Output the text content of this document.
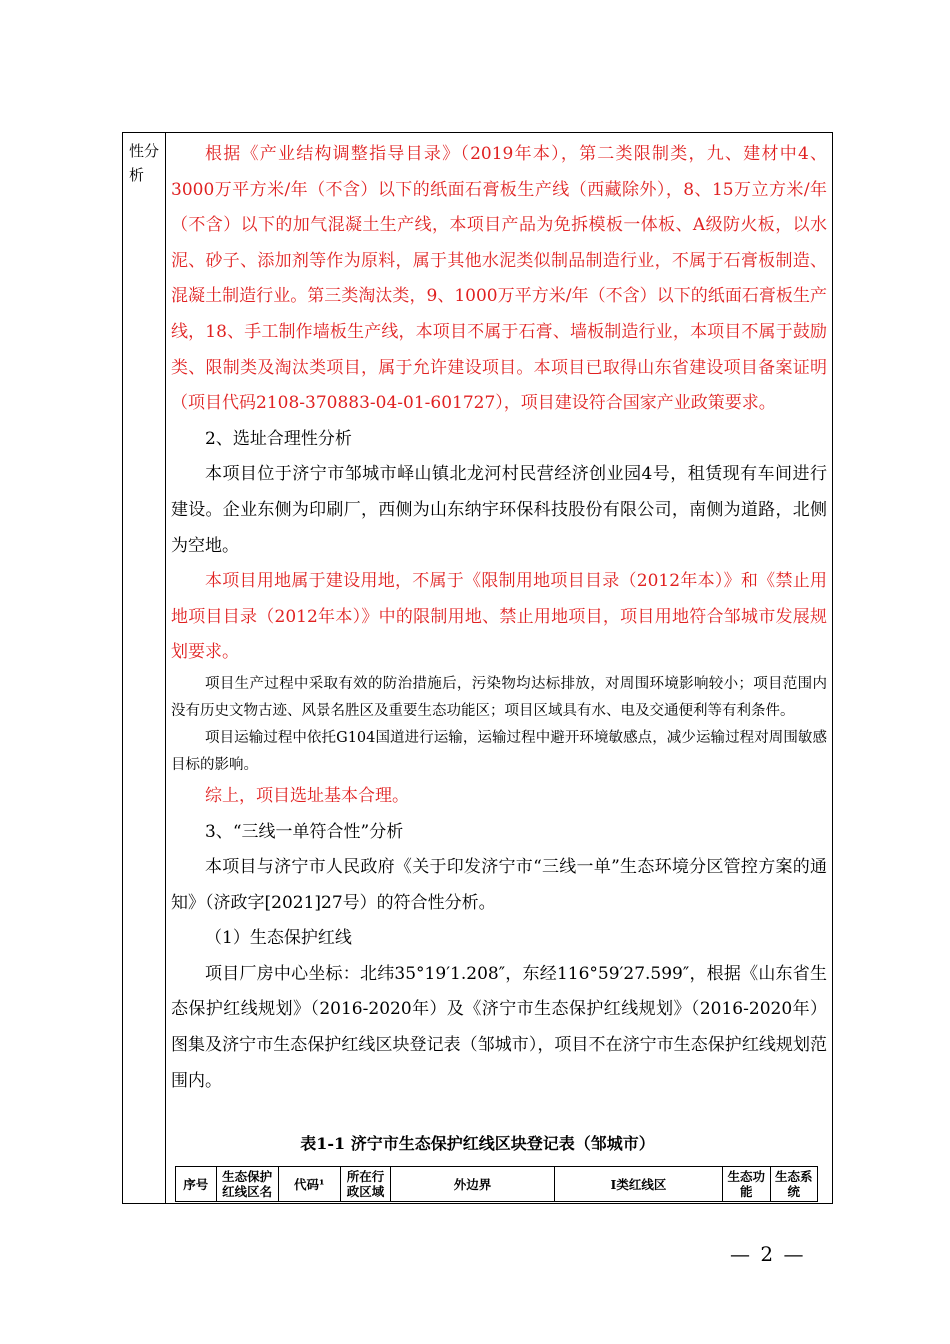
性分析

根据《产业结构调整指导目录》（2019年本），第二类限制类，九、建材中4、3000万平方米/年（不含）以下的纸面石膏板生产线（西藏除外），8、15万立方米/年（不含）以下的加气混凝土生产线，本项目产品为免拆模板一体板、A级防火板，以水泥、砂子、添加剂等作为原料，属于其他水泥类似制品制造行业，不属于石膏板制造、混凝土制造行业。第三类淘汰类，9、1000万平方米/年（不含）以下的纸面石膏板生产线，18、手工制作墙板生产线，本项目不属于石膏、墙板制造行业，本项目不属于鼓励类、限制类及淘汰类项目，属于允许建设项目。本项目已取得山东省建设项目备案证明（项目代码2108-370883-04-01-601727），项目建设符合国家产业政策要求。

2、选址合理性分析

本项目位于济宁市邹城市峄山镇北龙河村民营经济创业园4号，租赁现有车间进行建设。企业东侧为印刷厂，西侧为山东纳宇环保科技股份有限公司，南侧为道路，北侧为空地。

本项目用地属于建设用地，不属于《限制用地项目目录（2012年本）》和《禁止用地项目目录（2012年本）》中的限制用地、禁止用地项目，项目用地符合邹城市发展规划要求。

项目生产过程中采取有效的防治措施后，污染物均达标排放，对周围环境影响较小；项目范围内没有历史文物古迹、风景名胜区及重要生态功能区；项目区域具有水、电及交通便利等有利条件。

项目运输过程中依托G104国道进行运输，运输过程中避开环境敏感点，减少运输过程对周围敏感目标的影响。

综上，项目选址基本合理。

3、“三线一单符合性”分析

本项目与济宁市人民政府《关于印发济宁市“三线一单”生态环境分区管控方案的通知》（济政字[2021]27号）的符合性分析。

（1）生态保护红线

项目厂房中心坐标：北纬35°19′1.208″，东经116°59′27.599″，根据《山东省生态保护红线规划》（2016-2020年）及《济宁市生态保护红线规划》（2016-2020年）图集及济宁市生态保护红线区块登记表（邹城市），项目不在济宁市生态保护红线规划范围内。

表1-1 济宁市生态保护红线区块登记表（邹城市）
序号	生态保护红线区名	代码¹	所在行政区域	外边界	I类红线区	生态功能	生态系统
— 2 —
